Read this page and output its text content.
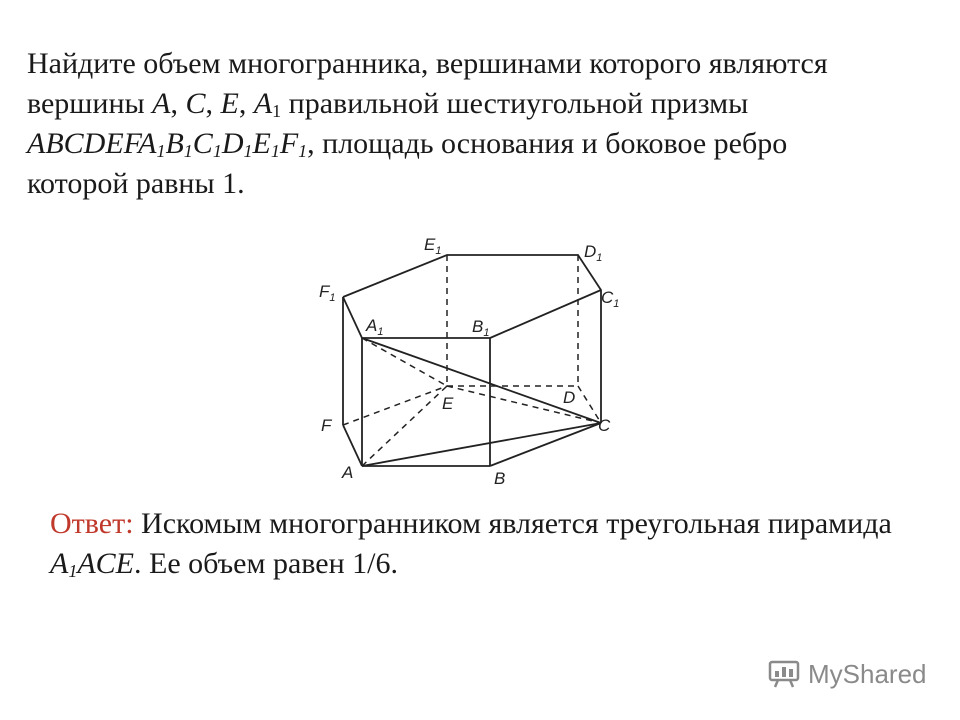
Найдите объем многогранника, вершинами которого являются
вершины A, C, E, $A_1$ правильной шестиугольной призмы
$ABCDEFA_1B_1C_1D_1E_1F_1$, площадь основания и боковое ребро
которой равны 1.
$E_1$	$D_1$
$F_1$	$C_1$
$A_1$	$B_1$
F
E	D
C
A	B
Ответ: Искомым многогранником является треугольная пирамида
$A_1ACE$. Ее объем равен 1/6.
MyShared
